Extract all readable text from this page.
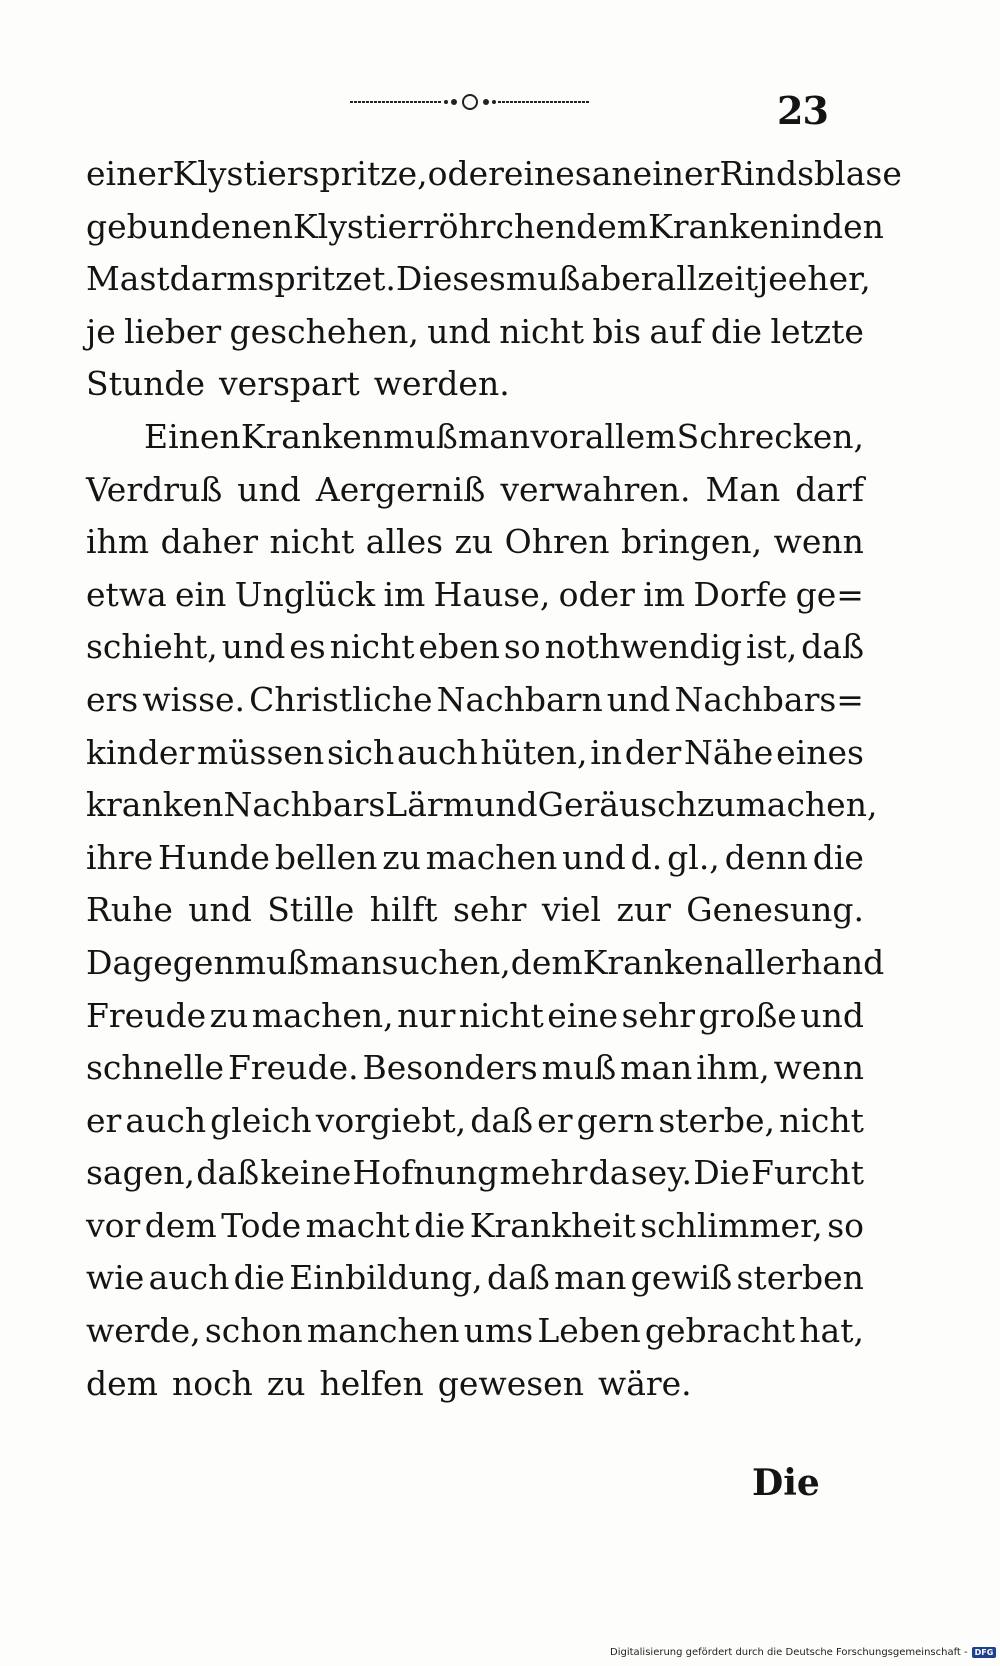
23
einer Klystierspritze, oder eines an einer Rindsblase
gebundenen Klystierröhrchen dem Kranken in den
Mastdarm spritzet. Dieses muß aber allzeit je eher,
je lieber geschehen, und nicht bis auf die letzte
Stunde verspart werden.
Einen Kranken muß man vor allem Schrecken,
Verdruß und Aergerniß verwahren. Man darf
ihm daher nicht alles zu Ohren bringen, wenn
etwa ein Unglück im Hause, oder im Dorfe ge=
schieht, und es nicht eben so nothwendig ist, daß
ers wisse. Christliche Nachbarn und Nachbars=
kinder müssen sich auch hüten, in der Nähe eines
kranken Nachbars Lärm und Geräusch zu machen,
ihre Hunde bellen zu machen und d. gl., denn die
Ruhe und Stille hilft sehr viel zur Genesung.
Dagegen muß man suchen, dem Kranken allerhand
Freude zu machen, nur nicht eine sehr große und
schnelle Freude. Besonders muß man ihm, wenn
er auch gleich vorgiebt, daß er gern sterbe, nicht
sagen, daß keine Hofnung mehr da sey. Die Furcht
vor dem Tode macht die Krankheit schlimmer, so
wie auch die Einbildung, daß man gewiß sterben
werde, schon manchen ums Leben gebracht hat,
dem noch zu helfen gewesen wäre.
Die
Digitalisierung gefördert durch die Deutsche Forschungsgemeinschaft - DFG
